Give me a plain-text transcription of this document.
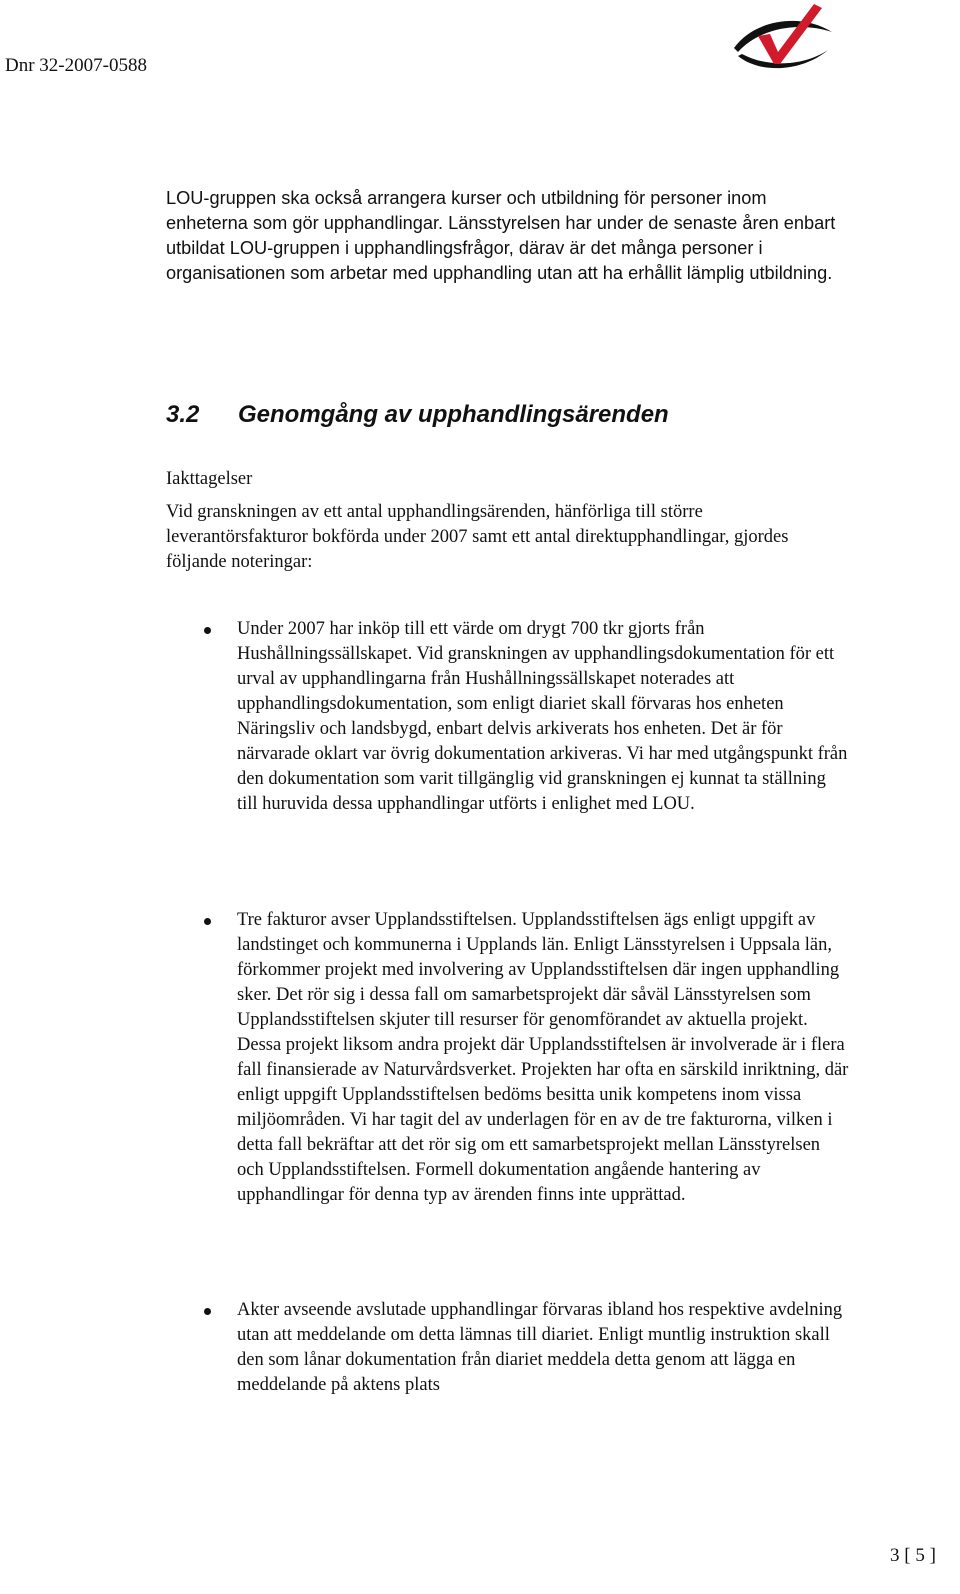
Dnr 32-2007-0588

LOU-gruppen ska också arrangera kurser och utbildning för personer inom enheterna som gör upphandlingar. Länsstyrelsen har under de senaste åren enbart utbildat LOU-gruppen i upphandlingsfrågor, därav är det många personer i organisationen som arbetar med upphandling utan att ha erhållit lämplig utbildning.

3.2 Genomgång av upphandlingsärenden

Iakttagelser

Vid granskningen av ett antal upphandlingsärenden, hänförliga till större leverantörsfakturor bokförda under 2007 samt ett antal direktupphandlingar, gjordes följande noteringar:

Under 2007 har inköp till ett värde om drygt 700 tkr gjorts från Hushållningssällskapet. Vid granskningen av upphandlingsdokumentation för ett urval av upphandlingarna från Hushållningssällskapet noterades att upphandlingsdokumentation, som enligt diariet skall förvaras hos enheten Näringsliv och landsbygd, enbart delvis arkiverats hos enheten. Det är för närvarade oklart var övrig dokumentation arkiveras. Vi har med utgångspunkt från den dokumentation som varit tillgänglig vid granskningen ej kunnat ta ställning till huruvida dessa upphandlingar utförts i enlighet med LOU.
Tre fakturor avser Upplandsstiftelsen. Upplandsstiftelsen ägs enligt uppgift av landstinget och kommunerna i Upplands län. Enligt Länsstyrelsen i Uppsala län, förkommer projekt med involvering av Upplandsstiftelsen där ingen upphandling sker. Det rör sig i dessa fall om samarbetsprojekt där såväl Länsstyrelsen som Upplandsstiftelsen skjuter till resurser för genomförandet av aktuella projekt. Dessa projekt liksom andra projekt där Upplandsstiftelsen är involverade är i flera fall finansierade av Naturvårdsverket. Projekten har ofta en särskild inriktning, där enligt uppgift Upplandsstiftelsen bedöms besitta unik kompetens inom vissa miljöområden. Vi har tagit del av underlagen för en av de tre fakturorna, vilken i detta fall bekräftar att det rör sig om ett samarbetsprojekt mellan Länsstyrelsen och Upplandsstiftelsen. Formell dokumentation angående hantering av upphandlingar för denna typ av ärenden finns inte upprättad.
Akter avseende avslutade upphandlingar förvaras ibland hos respektive avdelning utan att meddelande om detta lämnas till diariet. Enligt muntlig instruktion skall den som lånar dokumentation från diariet meddela detta genom att lägga en meddelande på aktens plats
3 [ 5 ]
